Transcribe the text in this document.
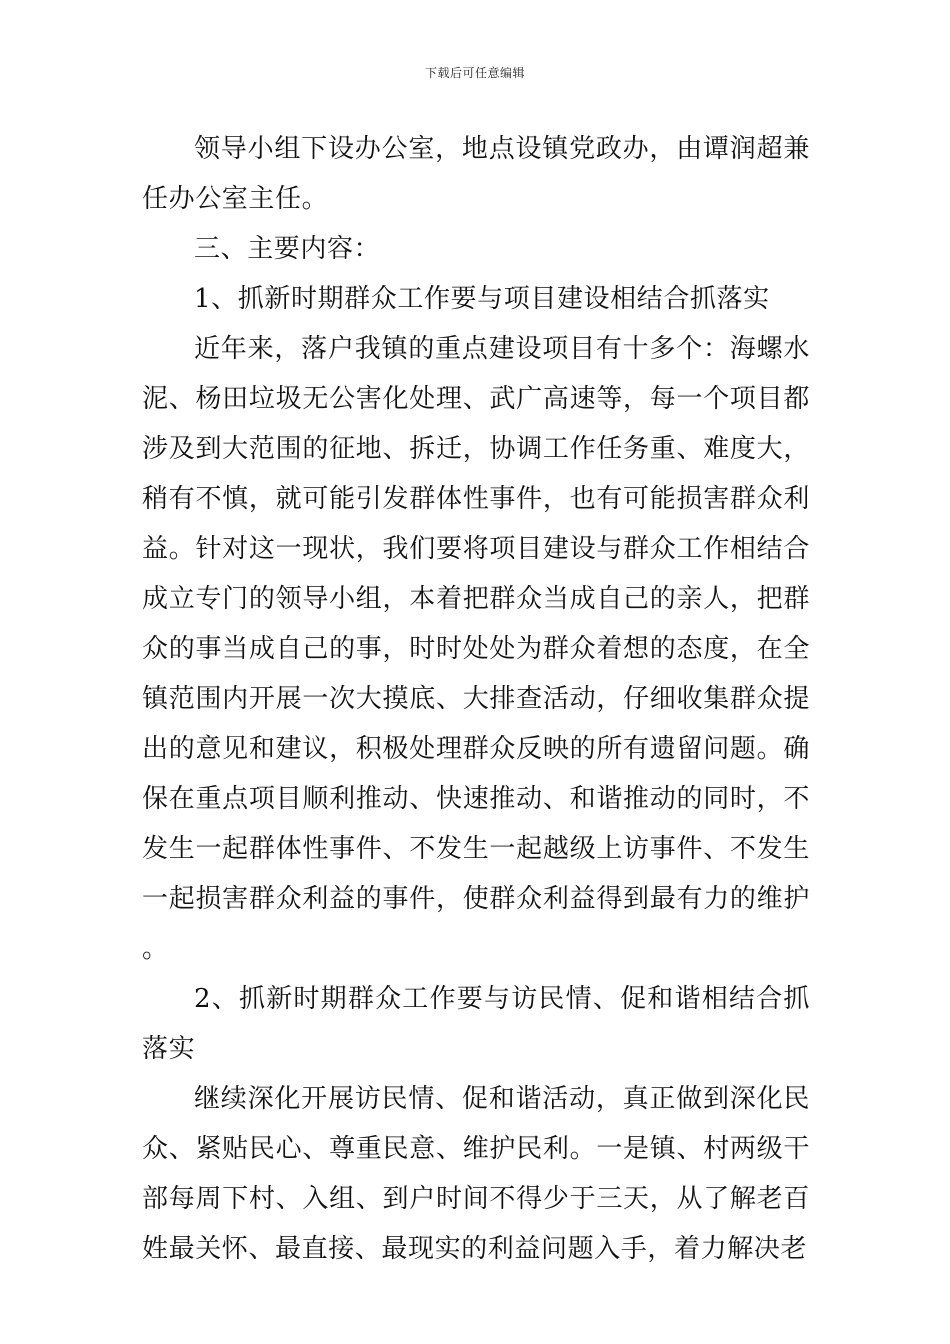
下载后可任意编辑

领导小组下设办公室，地点设镇党政办，由谭润超兼任办公室主任。

三、主要内容：

1、抓新时期群众工作要与项目建设相结合抓落实

近年来，落户我镇的重点建设项目有十多个：海螺水泥、杨田垃圾无公害化处理、武广高速等，每一个项目都涉及到大范围的征地、拆迁，协调工作任务重、难度大，稍有不慎，就可能引发群体性事件，也有可能损害群众利益。针对这一现状，我们要将项目建设与群众工作相结合成立专门的领导小组，本着把群众当成自己的亲人，把群众的事当成自己的事，时时处处为群众着想的态度，在全镇范围内开展一次大摸底、大排查活动，仔细收集群众提出的意见和建议，积极处理群众反映的所有遗留问题。确保在重点项目顺利推动、快速推动、和谐推动的同时，不发生一起群体性事件、不发生一起越级上访事件、不发生一起损害群众利益的事件，使群众利益得到最有力的维护。

2、抓新时期群众工作要与访民情、促和谐相结合抓落实

继续深化开展访民情、促和谐活动，真正做到深化民众、紧贴民心、尊重民意、维护民利。一是镇、村两级干部每周下村、入组、到户时间不得少于三天，从了解老百姓最关怀、最直接、最现实的利益问题入手，着力解决老
